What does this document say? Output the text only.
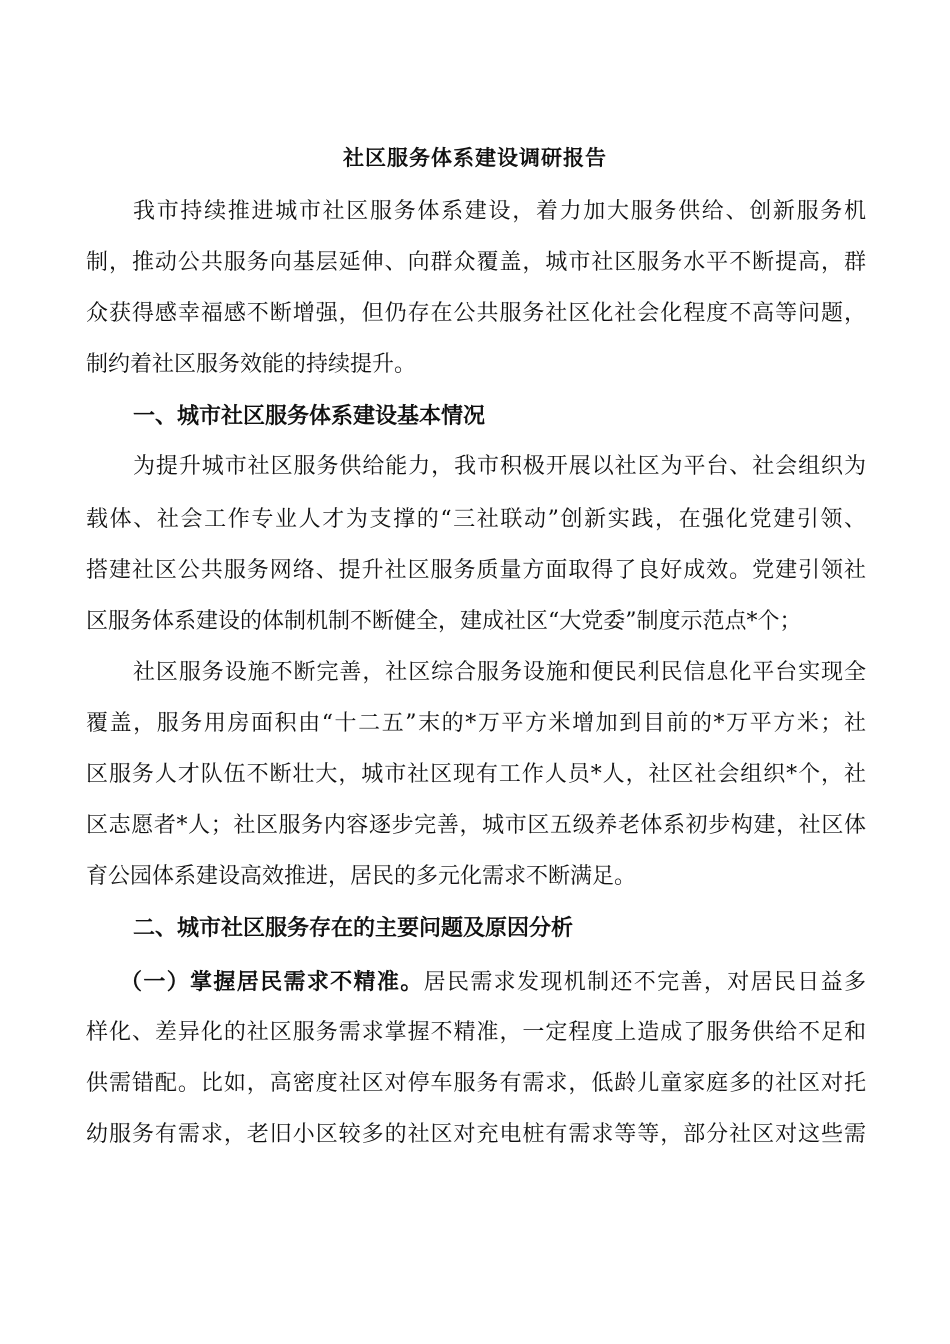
社区服务体系建设调研报告
我市持续推进城市社区服务体系建设，着力加大服务供给、创新服务机
制，推动公共服务向基层延伸、向群众覆盖，城市社区服务水平不断提高，群
众获得感幸福感不断增强，但仍存在公共服务社区化社会化程度不高等问题，
制约着社区服务效能的持续提升。
一、城市社区服务体系建设基本情况
为提升城市社区服务供给能力，我市积极开展以社区为平台、社会组织为
载体、社会工作专业人才为支撑的“三社联动”创新实践，在强化党建引领、
搭建社区公共服务网络、提升社区服务质量方面取得了良好成效。党建引领社
区服务体系建设的体制机制不断健全，建成社区“大党委”制度示范点*个；
社区服务设施不断完善，社区综合服务设施和便民利民信息化平台实现全
覆盖，服务用房面积由“十二五”末的*万平方米增加到目前的*万平方米；社
区服务人才队伍不断壮大，城市社区现有工作人员*人，社区社会组织*个，社
区志愿者*人；社区服务内容逐步完善，城市区五级养老体系初步构建，社区体
育公园体系建设高效推进，居民的多元化需求不断满足。
二、城市社区服务存在的主要问题及原因分析
（一）掌握居民需求不精准。居民需求发现机制还不完善，对居民日益多
样化、差异化的社区服务需求掌握不精准，一定程度上造成了服务供给不足和
供需错配。比如，高密度社区对停车服务有需求，低龄儿童家庭多的社区对托
幼服务有需求，老旧小区较多的社区对充电桩有需求等等，部分社区对这些需
